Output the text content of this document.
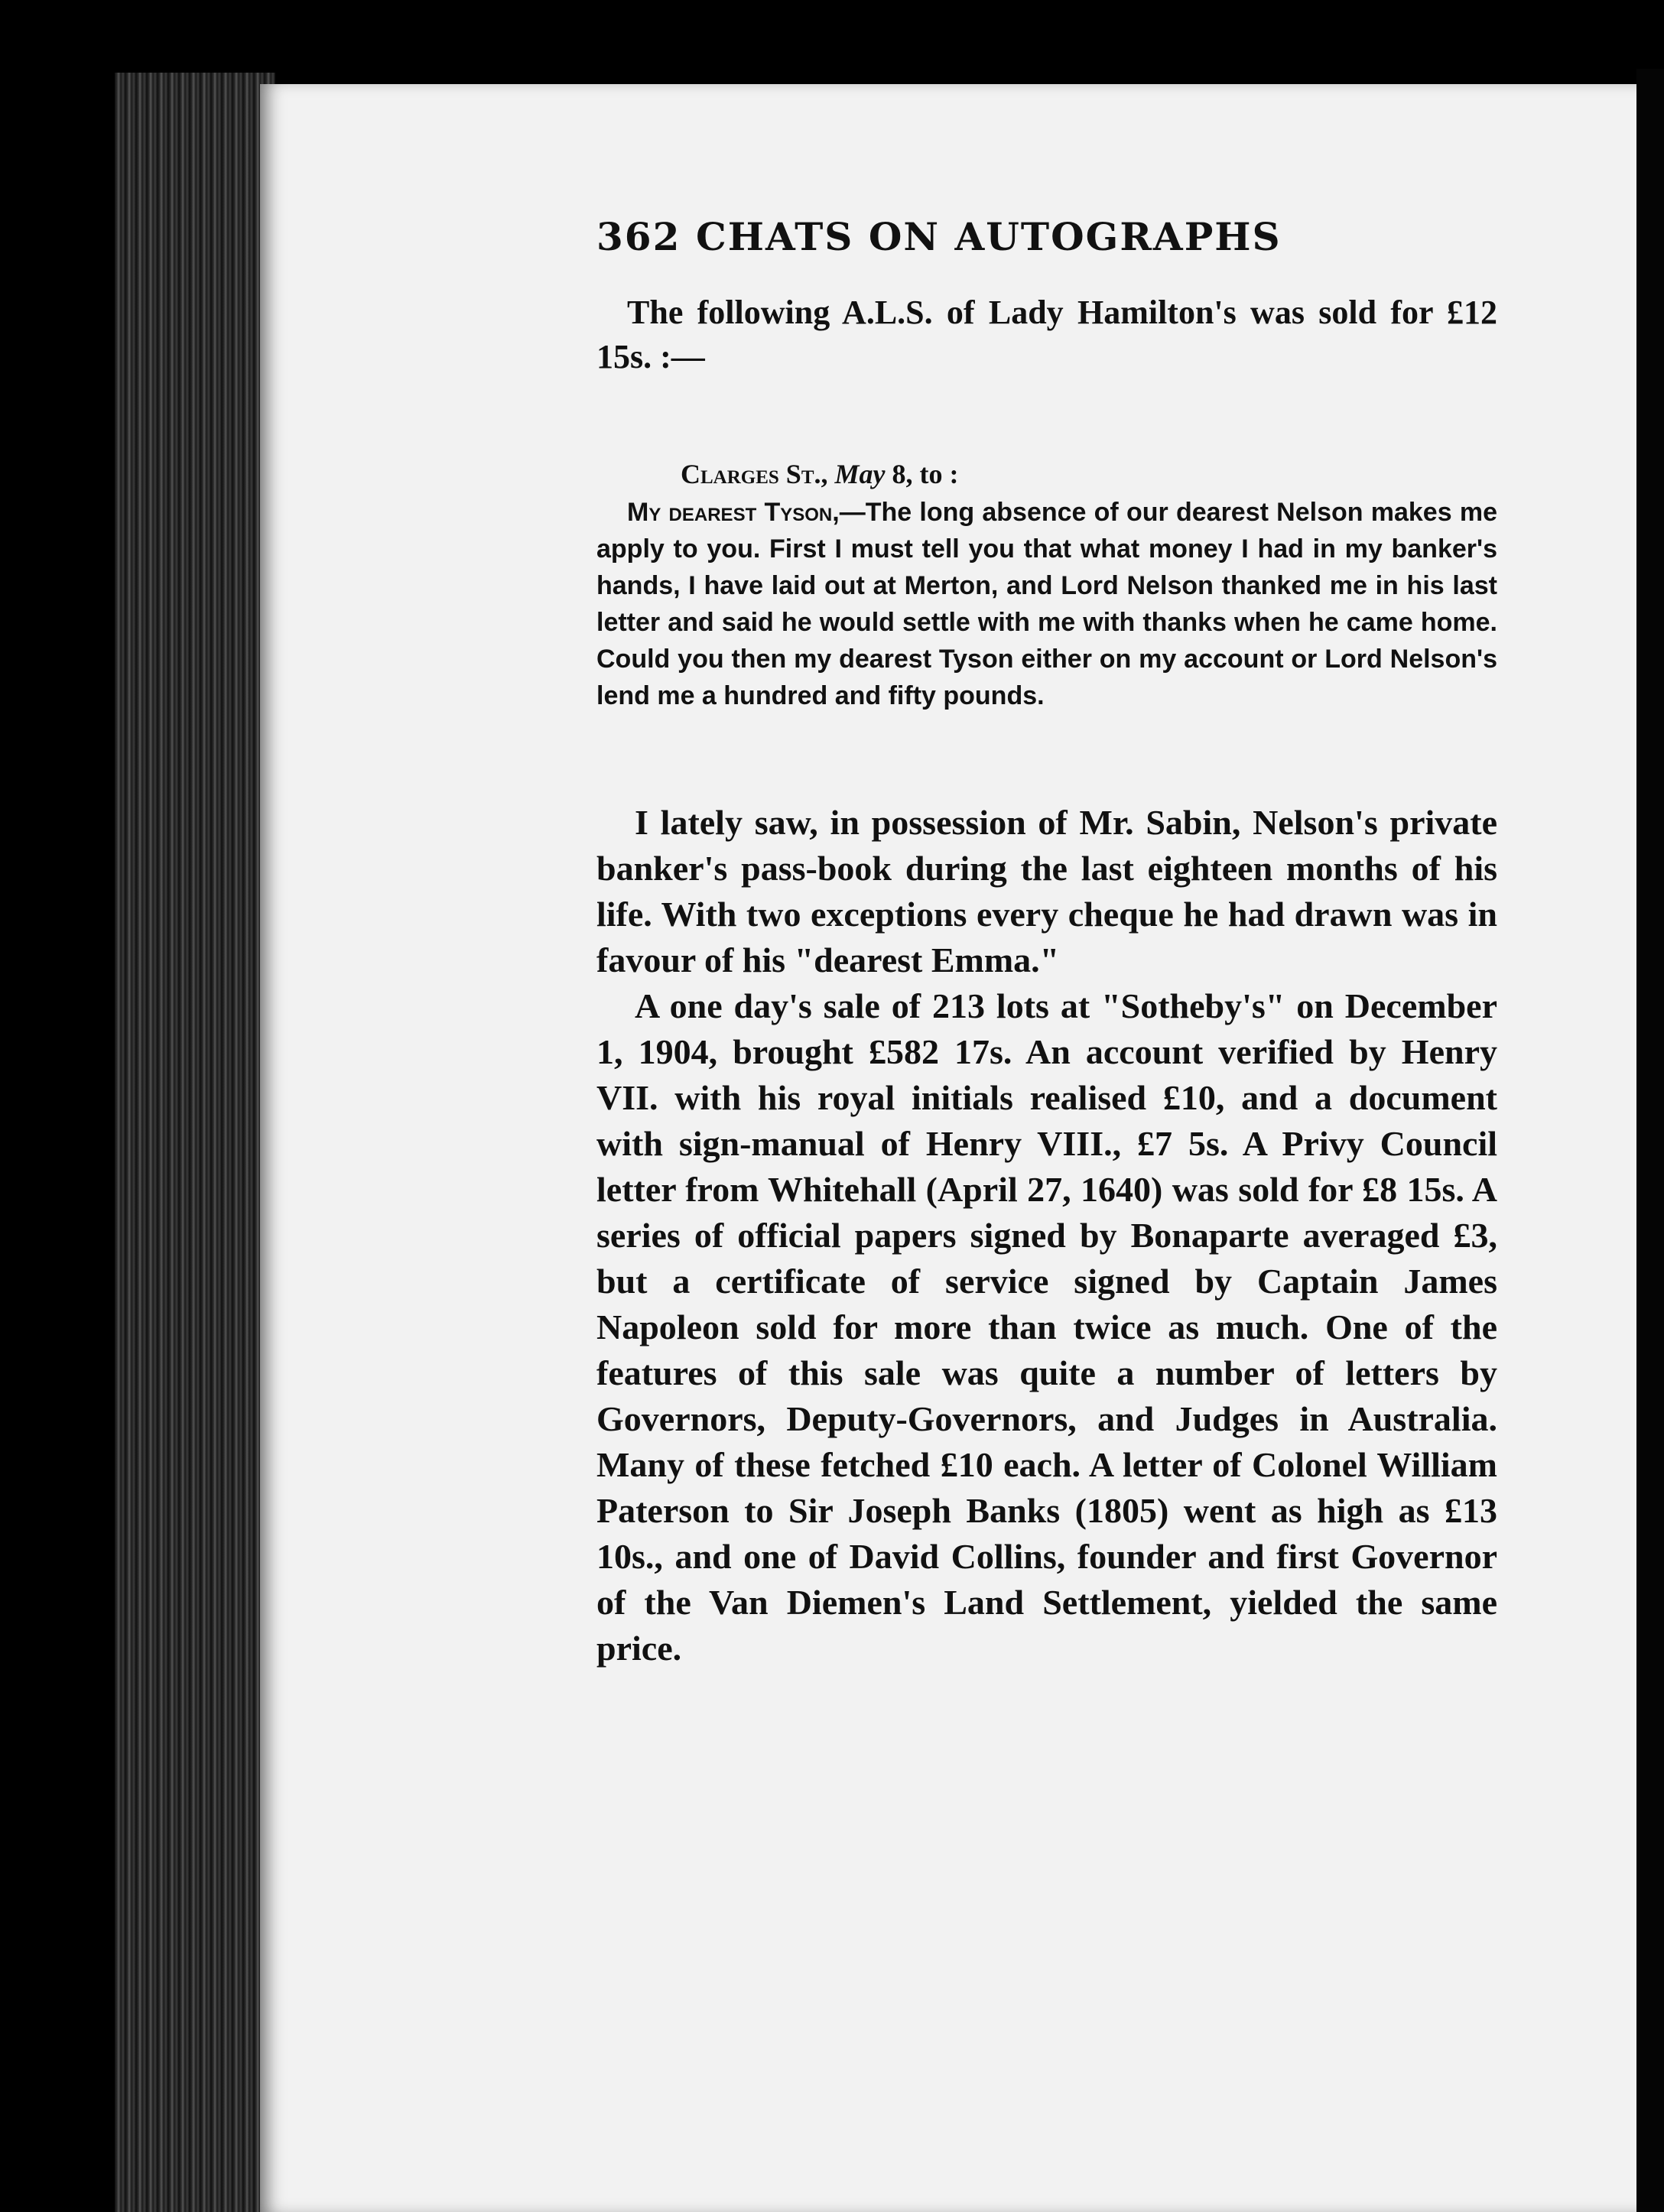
362 CHATS ON AUTOGRAPHS

The following A.L.S. of Lady Hamilton's was sold for £12 15s. :—

Clarges St., May 8, to :

My dearest Tyson,—The long absence of our dearest Nelson makes me apply to you. First I must tell you that what money I had in my banker's hands, I have laid out at Merton, and Lord Nelson thanked me in his last letter and said he would settle with me with thanks when he came home. Could you then my dearest Tyson either on my account or Lord Nelson's lend me a hundred and fifty pounds.

I lately saw, in possession of Mr. Sabin, Nelson's private banker's pass-book during the last eighteen months of his life. With two exceptions every cheque he had drawn was in favour of his "dearest Emma."

A one day's sale of 213 lots at "Sotheby's" on December 1, 1904, brought £582 17s. An account verified by Henry VII. with his royal initials realised £10, and a document with sign-manual of Henry VIII., £7 5s. A Privy Council letter from Whitehall (April 27, 1640) was sold for £8 15s. A series of official papers signed by Bonaparte averaged £3, but a certificate of service signed by Captain James Napoleon sold for more than twice as much. One of the features of this sale was quite a number of letters by Governors, Deputy-Governors, and Judges in Australia. Many of these fetched £10 each. A letter of Colonel William Paterson to Sir Joseph Banks (1805) went as high as £13 10s., and one of David Collins, founder and first Governor of the Van Diemen's Land Settlement, yielded the same price.
